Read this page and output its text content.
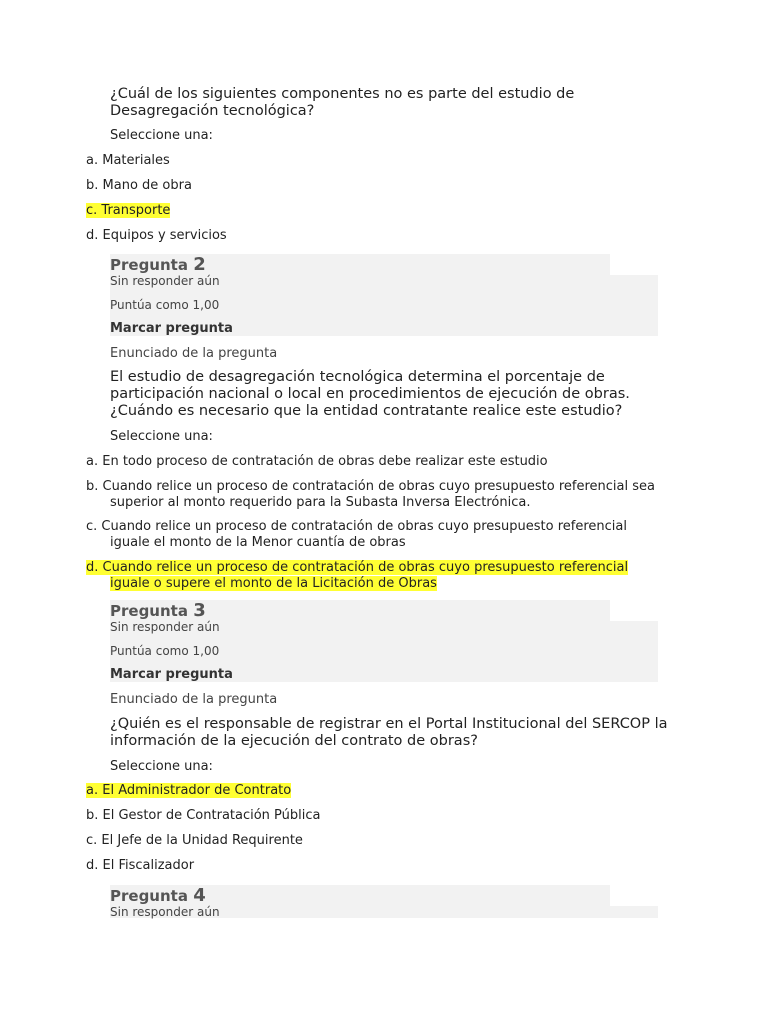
¿Cuál de los siguientes componentes no es parte del estudio de
Desagregación tecnológica?
Seleccione una:
a. Materiales
b. Mano de obra
c. Transporte
d. Equipos y servicios
Pregunta 2
Sin responder aún
Puntúa como 1,00
Marcar pregunta
Enunciado de la pregunta
El estudio de desagregación tecnológica determina el porcentaje de
participación nacional o local en procedimientos de ejecución de obras.
¿Cuándo es necesario que la entidad contratante realice este estudio?
Seleccione una:
a. En todo proceso de contratación de obras debe realizar este estudio
b. Cuando relice un proceso de contratación de obras cuyo presupuesto referencial sea
superior al monto requerido para la Subasta Inversa Electrónica.
c. Cuando relice un proceso de contratación de obras cuyo presupuesto referencial
iguale el monto de la Menor cuantía de obras
d. Cuando relice un proceso de contratación de obras cuyo presupuesto referencial
iguale o supere el monto de la Licitación de Obras
Pregunta 3
Sin responder aún
Puntúa como 1,00
Marcar pregunta
Enunciado de la pregunta
¿Quién es el responsable de registrar en el Portal Institucional del SERCOP la
información de la ejecución del contrato de obras?
Seleccione una:
a. El Administrador de Contrato
b. El Gestor de Contratación Pública
c. El Jefe de la Unidad Requirente
d. El Fiscalizador
Pregunta 4
Sin responder aún
